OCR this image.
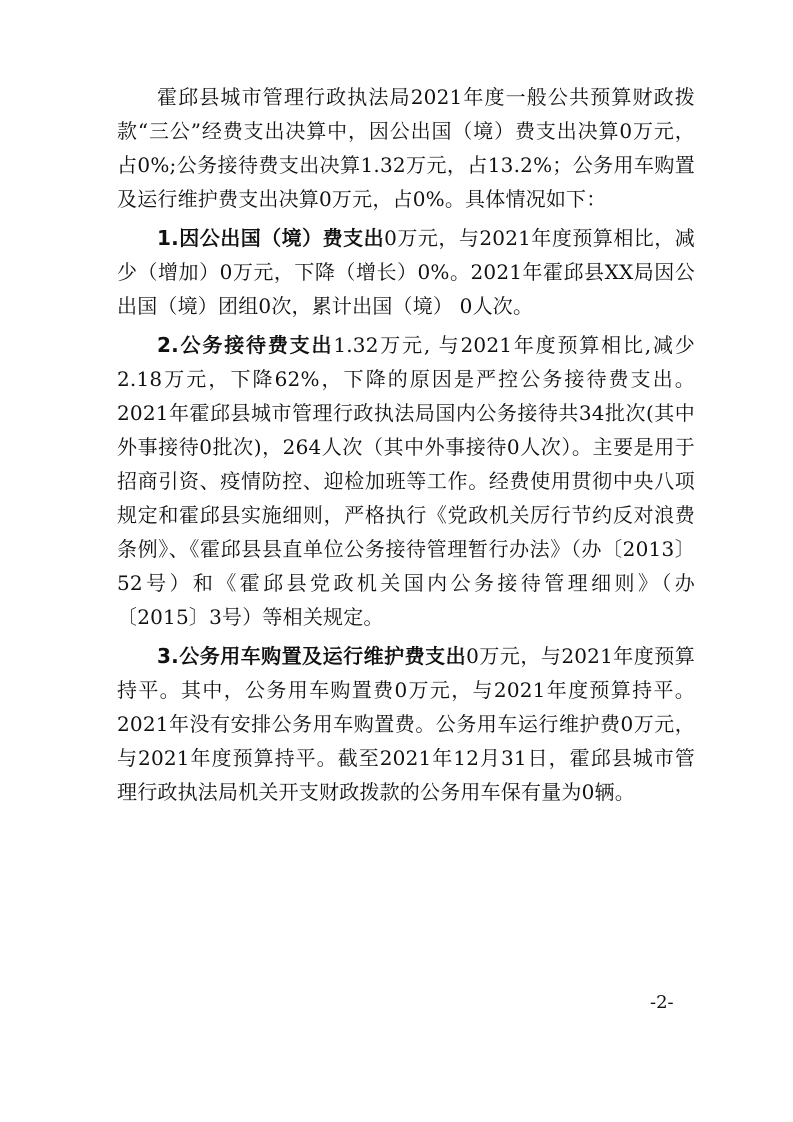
霍邱县城市管理行政执法局2021年度一般公共预算财政拨款“三公”经费支出决算中，因公出国（境）费支出决算0万元，占0%;公务接待费支出决算1.32万元，占13.2%；公务用车购置及运行维护费支出决算0万元，占0%。具体情况如下：

1.因公出国（境）费支出0万元，与2021年度预算相比，减少（增加）0万元，下降（增长）0%。2021年霍邱县XX局因公出国（境）团组0次，累计出国（境） 0人次。

2.公务接待费支出1.32万元, 与2021年度预算相比,减少2.18万元，下降62%，下降的原因是严控公务接待费支出。2021年霍邱县城市管理行政执法局国内公务接待共34批次(其中外事接待0批次)，264人次（其中外事接待0人次）。主要是用于招商引资、疫情防控、迎检加班等工作。经费使用贯彻中央八项规定和霍邱县实施细则，严格执行《党政机关厉行节约反对浪费条例》、《霍邱县县直单位公务接待管理暂行办法》（办〔2013〕52号）和《霍邱县党政机关国内公务接待管理细则》（办〔2015〕3号）等相关规定。

3.公务用车购置及运行维护费支出0万元，与2021年度预算持平。其中，公务用车购置费0万元，与2021年度预算持平。2021年没有安排公务用车购置费。公务用车运行维护费0万元，与2021年度预算持平。截至2021年12月31日，霍邱县城市管理行政执法局机关开支财政拨款的公务用车保有量为0辆。

-2-
